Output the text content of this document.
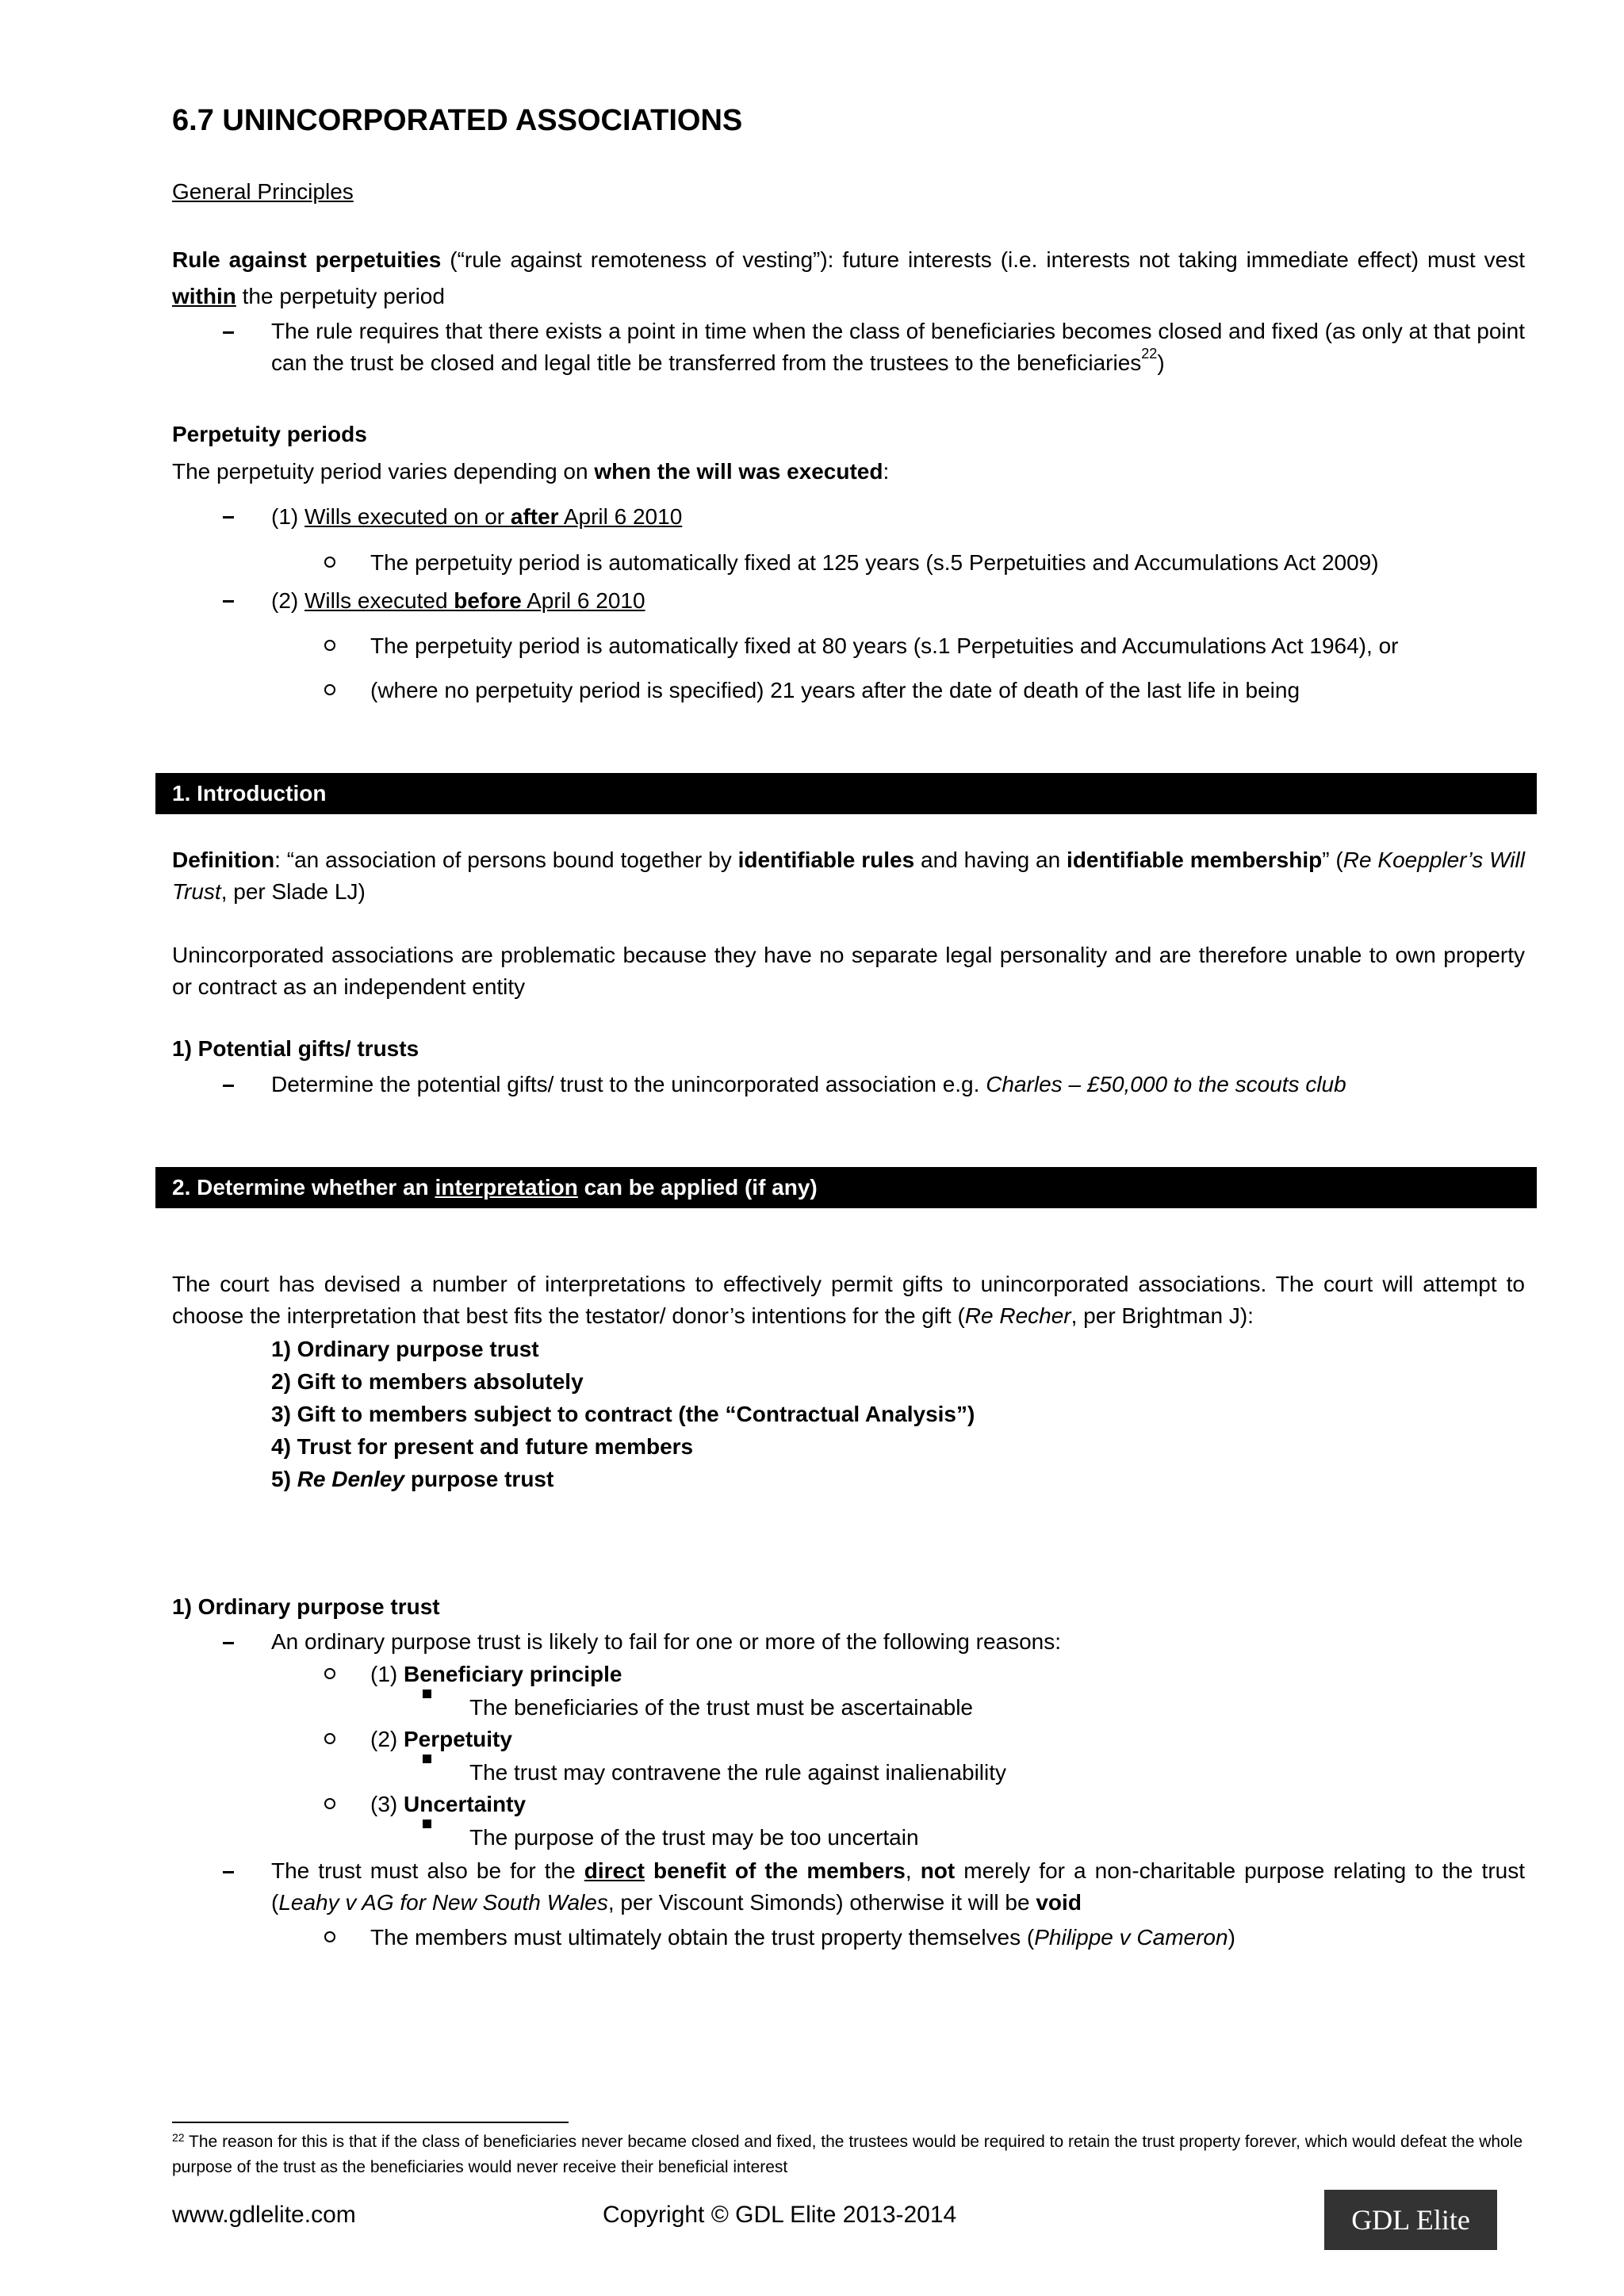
6.7 UNINCORPORATED ASSOCIATIONS
General Principles
Rule against perpetuities (“rule against remoteness of vesting”): future interests (i.e. interests not taking immediate effect) must vest within the perpetuity period
The rule requires that there exists a point in time when the class of beneficiaries becomes closed and fixed (as only at that point can the trust be closed and legal title be transferred from the trustees to the beneficiaries$^{22}$)
Perpetuity periods
The perpetuity period varies depending on when the will was executed:
(1) Wills executed on or after April 6 2010
The perpetuity period is automatically fixed at 125 years (s.5 Perpetuities and Accumulations Act 2009)
(2) Wills executed before April 6 2010
The perpetuity period is automatically fixed at 80 years (s.1 Perpetuities and Accumulations Act 1964), or
(where no perpetuity period is specified) 21 years after the date of death of the last life in being
1. Introduction
Definition: “an association of persons bound together by identifiable rules and having an identifiable membership” (Re Koeppler’s Will Trust, per Slade LJ)
Unincorporated associations are problematic because they have no separate legal personality and are therefore unable to own property or contract as an independent entity
1) Potential gifts/ trusts
Determine the potential gifts/ trust to the unincorporated association e.g. Charles – £50,000 to the scouts club
2. Determine whether an interpretation can be applied (if any)
The court has devised a number of interpretations to effectively permit gifts to unincorporated associations. The court will attempt to choose the interpretation that best fits the testator/ donor’s intentions for the gift (Re Recher, per Brightman J):
1) Ordinary purpose trust
2) Gift to members absolutely
3) Gift to members subject to contract (the “Contractual Analysis”)
4) Trust for present and future members
5) Re Denley purpose trust
1) Ordinary purpose trust
An ordinary purpose trust is likely to fail for one or more of the following reasons:
(1) Beneficiary principle
The beneficiaries of the trust must be ascertainable
(2) Perpetuity
The trust may contravene the rule against inalienability
(3) Uncertainty
The purpose of the trust may be too uncertain
The trust must also be for the direct benefit of the members, not merely for a non-charitable purpose relating to the trust (Leahy v AG for New South Wales, per Viscount Simonds) otherwise it will be void
The members must ultimately obtain the trust property themselves (Philippe v Cameron)
$^{22}$ The reason for this is that if the class of beneficiaries never became closed and fixed, the trustees would be required to retain the trust property forever, which would defeat the whole purpose of the trust as the beneficiaries would never receive their beneficial interest
www.gdlelite.com	Copyright © GDL Elite 2013-2014	GDL Elite
